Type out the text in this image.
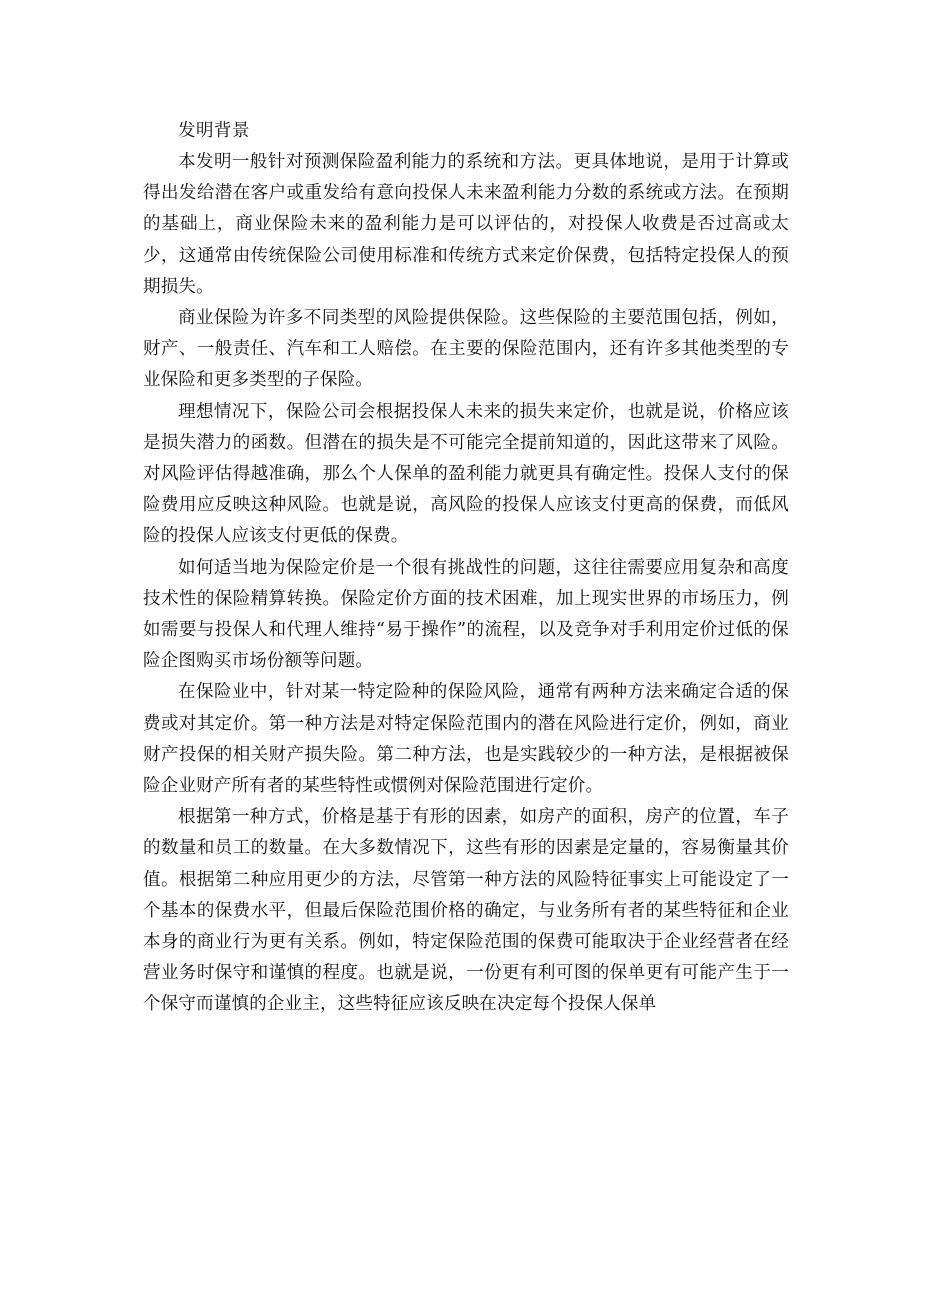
发明背景

本发明一般针对预测保险盈利能力的系统和方法。更具体地说，是用于计算或得出发给潜在客户或重发给有意向投保人未来盈利能力分数的系统或方法。在预期的基础上，商业保险未来的盈利能力是可以评估的，对投保人收费是否过高或太少，这通常由传统保险公司使用标准和传统方式来定价保费，包括特定投保人的预期损失。

商业保险为许多不同类型的风险提供保险。这些保险的主要范围包括，例如，财产、一般责任、汽车和工人赔偿。在主要的保险范围内，还有许多其他类型的专业保险和更多类型的子保险。

理想情况下，保险公司会根据投保人未来的损失来定价，也就是说，价格应该是损失潜力的函数。但潜在的损失是不可能完全提前知道的，因此这带来了风险。对风险评估得越准确，那么个人保单的盈利能力就更具有确定性。投保人支付的保险费用应反映这种风险。也就是说，高风险的投保人应该支付更高的保费，而低风险的投保人应该支付更低的保费。

如何适当地为保险定价是一个很有挑战性的问题，这往往需要应用复杂和高度技术性的保险精算转换。保险定价方面的技术困难，加上现实世界的市场压力，例如需要与投保人和代理人维持“易于操作”的流程，以及竞争对手利用定价过低的保险企图购买市场份额等问题。

在保险业中，针对某一特定险种的保险风险，通常有两种方法来确定合适的保费或对其定价。第一种方法是对特定保险范围内的潜在风险进行定价，例如，商业财产投保的相关财产损失险。第二种方法，也是实践较少的一种方法，是根据被保险企业财产所有者的某些特性或惯例对保险范围进行定价。

根据第一种方式，价格是基于有形的因素，如房产的面积，房产的位置，车子的数量和员工的数量。在大多数情况下，这些有形的因素是定量的，容易衡量其价值。根据第二种应用更少的方法，尽管第一种方法的风险特征事实上可能设定了一个基本的保费水平，但最后保险范围价格的确定，与业务所有者的某些特征和企业本身的商业行为更有关系。例如，特定保险范围的保费可能取决于企业经营者在经营业务时保守和谨慎的程度。也就是说，一份更有利可图的保单更有可能产生于一个保守而谨慎的企业主，这些特征应该反映在决定每个投保人保单
